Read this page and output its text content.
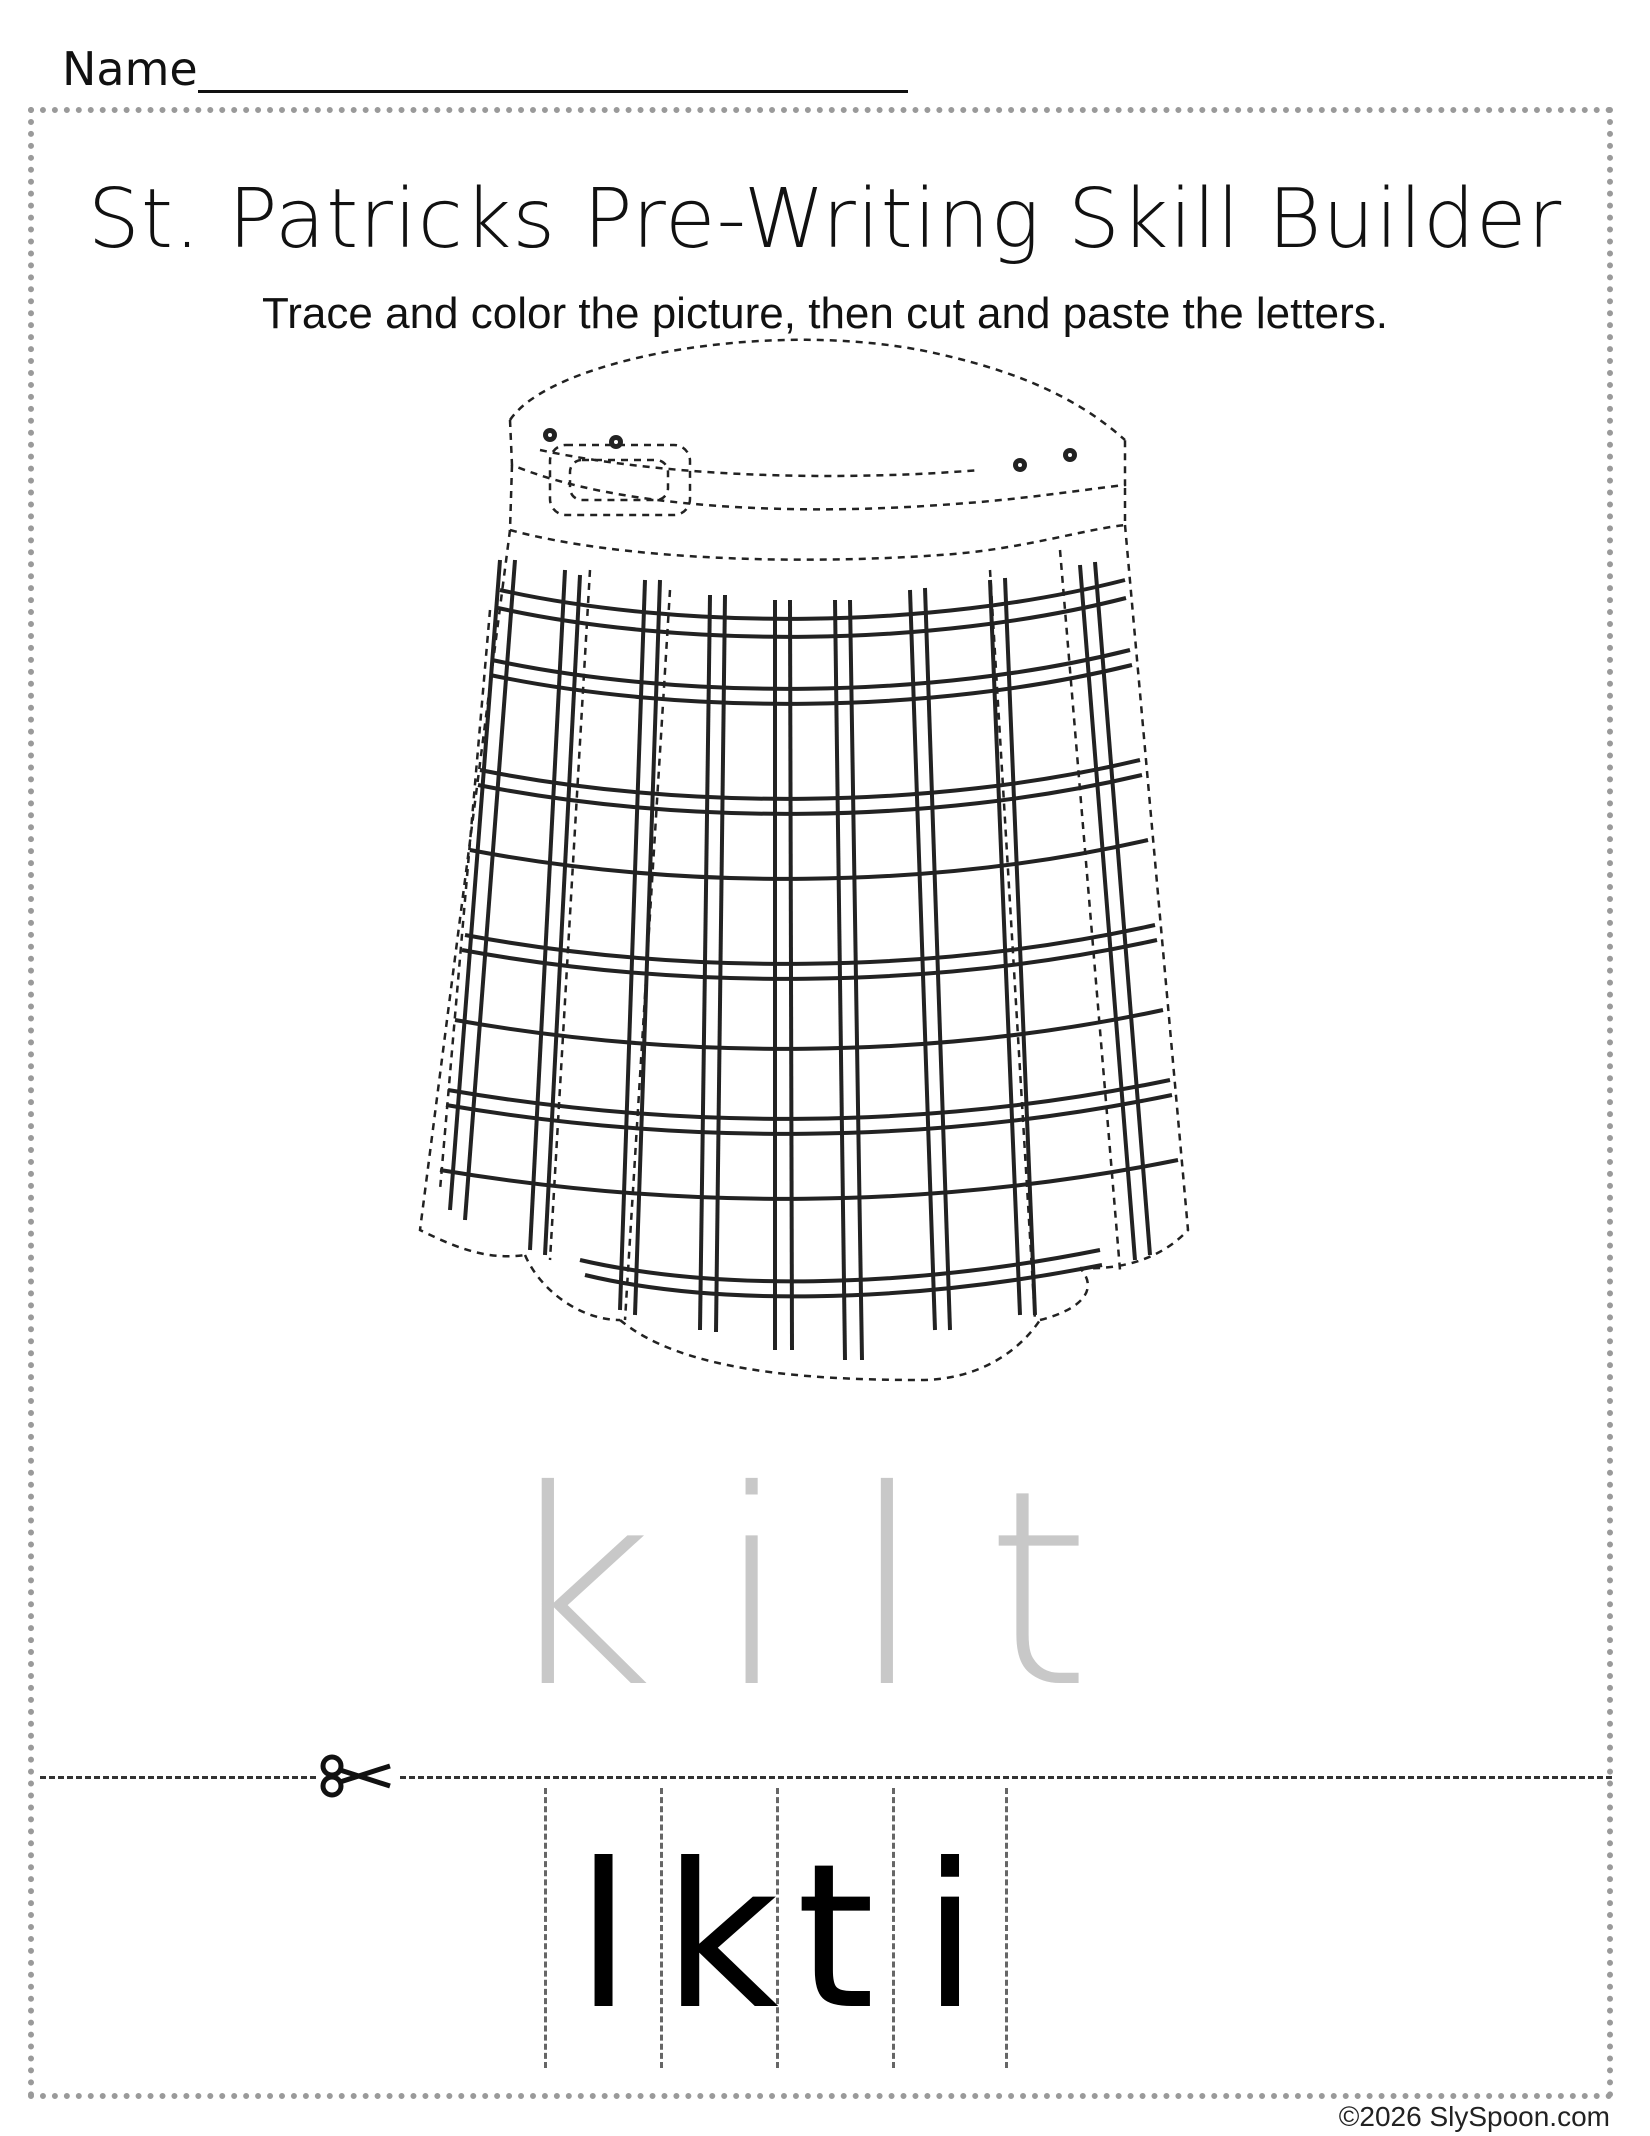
Name
St. Patricks Pre-Writing Skill Builder
Trace and color the picture, then cut and paste the letters.
kilt
l k t i
©2026 SlySpoon.com
